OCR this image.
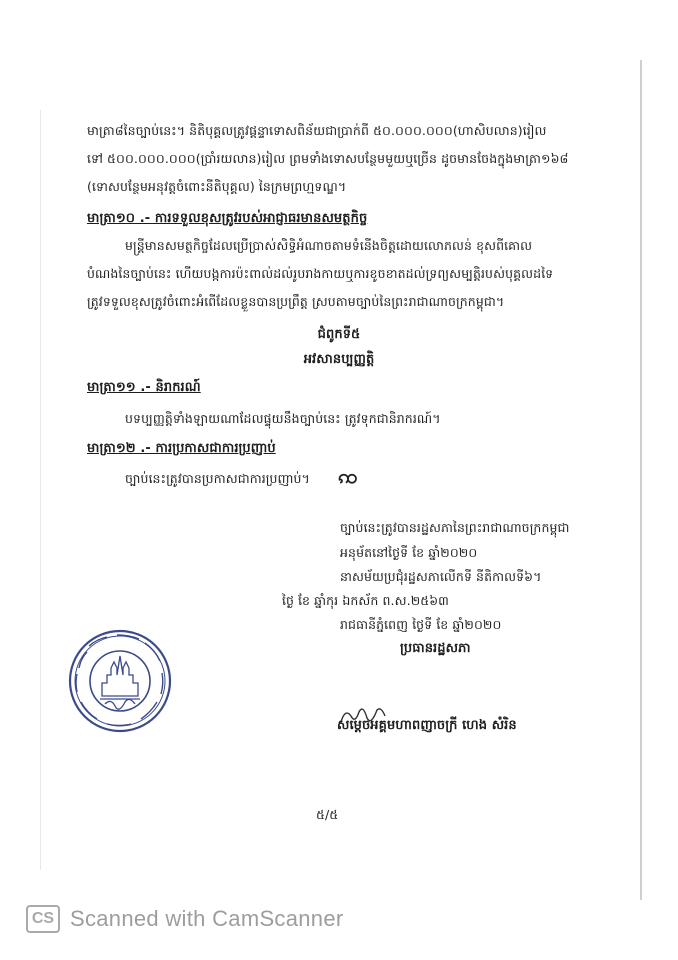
មាត្រា៨នៃច្បាប់នេះ។ និតិបុគ្គលត្រូវផ្ដន្ទាទោសពិន័យជាប្រាក់ពី ៥០.០០០.០០០(ហាសិបលាន)រៀល
ទៅ ៥០០.០០០.០០០(ប្រាំរយលាន)រៀល ព្រមទាំងទោសបន្ថែមមួយឬច្រើន ដូចមានចែងក្នុងមាត្រា១៦៨
(ទោសបន្ថែមអនុវត្តចំពោះនីតិបុគ្គល) នៃក្រមព្រហ្មទណ្ឌ។
មាត្រា១០ .- ការទទួលខុសត្រូវរបស់អាជ្ញាធរមានសមត្ថកិច្ច
មន្ត្រីមានសមត្ថកិច្ចដែលប្រើប្រាស់សិទ្ធិអំណាចតាមទំនើងចិត្តដោយលោភលន់ ខុសពីគោល
បំណងនៃច្បាប់នេះ ហើយបង្កការប៉ះពាល់ដល់រូបរាងកាយឬការខូចខាតដល់ទ្រព្យសម្បត្តិរបស់បុគ្គលដទៃ
ត្រូវទទួលខុសត្រូវចំពោះអំពើដែលខ្លួនបានប្រព្រឹត្ត ស្របតាមច្បាប់នៃព្រះរាជាណាចក្រកម្ពុជា។
ជំពូកទី៥
អវសានប្បញ្ញត្តិ
មាត្រា១១ .- និរាករណ៍
បទប្បញ្ញត្តិទាំងឡាយណាដែលផ្ទុយនឹងច្បាប់នេះ ត្រូវទុកជានិរាករណ៍។
មាត្រា១២ .- ការប្រកាសជាការប្រញាប់
ច្បាប់នេះត្រូវបានប្រកាសជាការប្រញាប់។ ꩡ
ច្បាប់នេះត្រូវបានរដ្ឋសភានៃព្រះរាជាណាចក្រកម្ពុជា
អនុម័តនៅថ្ងៃទី ខែ ឆ្នាំ២០២០
នាសម័យប្រជុំរដ្ឋសភាលើកទី នីតិកាលទី៦។
ថ្ងៃ ខែ ឆ្នាំកុរ ឯកស័ក ព.ស.២៥៦៣
រាជធានីភ្នំពេញ ថ្ងៃទី ខែ ឆ្នាំ២០២០
ប្រធានរដ្ឋសភា
សម្តេចអគ្គមហាពញាចក្រី ហេង សំរិន
៥/៥
CS Scanned with CamScanner
